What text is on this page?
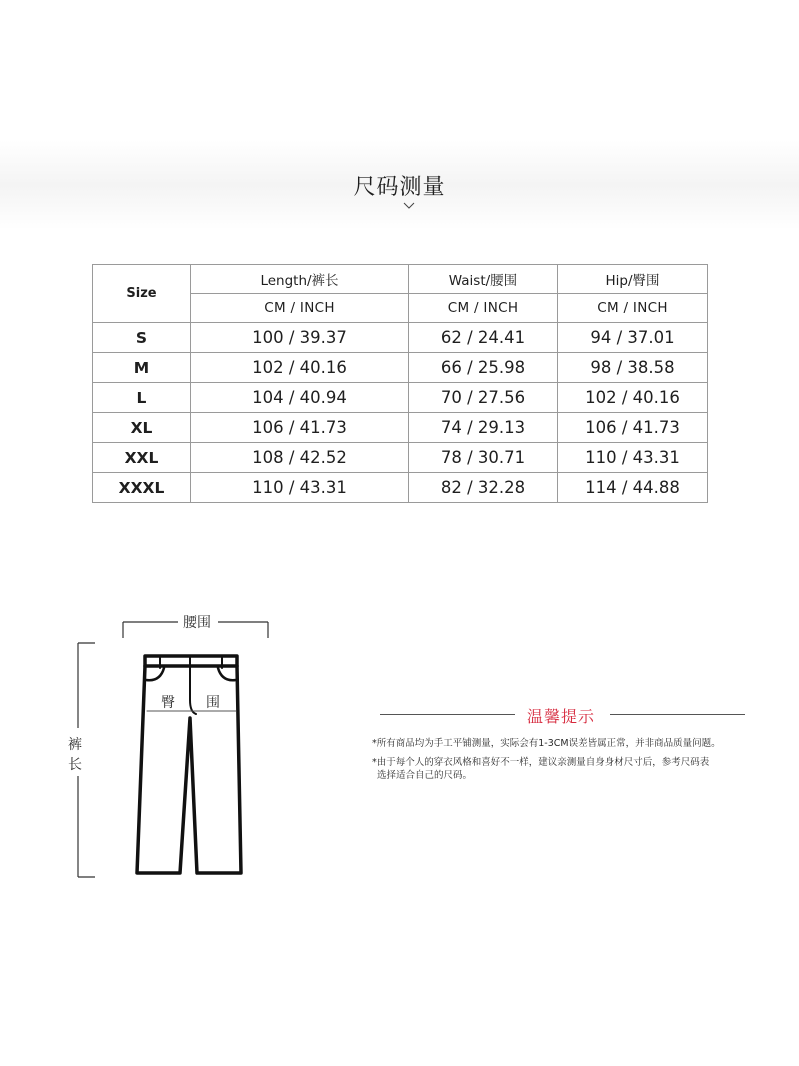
尺码测量
Size	Length/裤长	Waist/腰围	Hip/臀围
	CM / INCH	CM / INCH	CM / INCH
S	100 / 39.37	62 / 24.41	94 / 37.01
M	102 / 40.16	66 / 25.98	98 / 38.58
L	104 / 40.94	70 / 27.56	102 / 40.16
XL	106 / 41.73	74 / 29.13	106 / 41.73
XXL	108 / 42.52	78 / 30.71	110 / 43.31
XXXL	110 / 43.31	82 / 32.28	114 / 44.88
腰围
臀 围
裤
长
温馨提示
*所有商品均为手工平铺测量，实际会有1-3CM误差皆属正常，并非商品质量问题。
*由于每个人的穿衣风格和喜好不一样，建议亲测量自身身材尺寸后，参考尺码表
选择适合自己的尺码。
